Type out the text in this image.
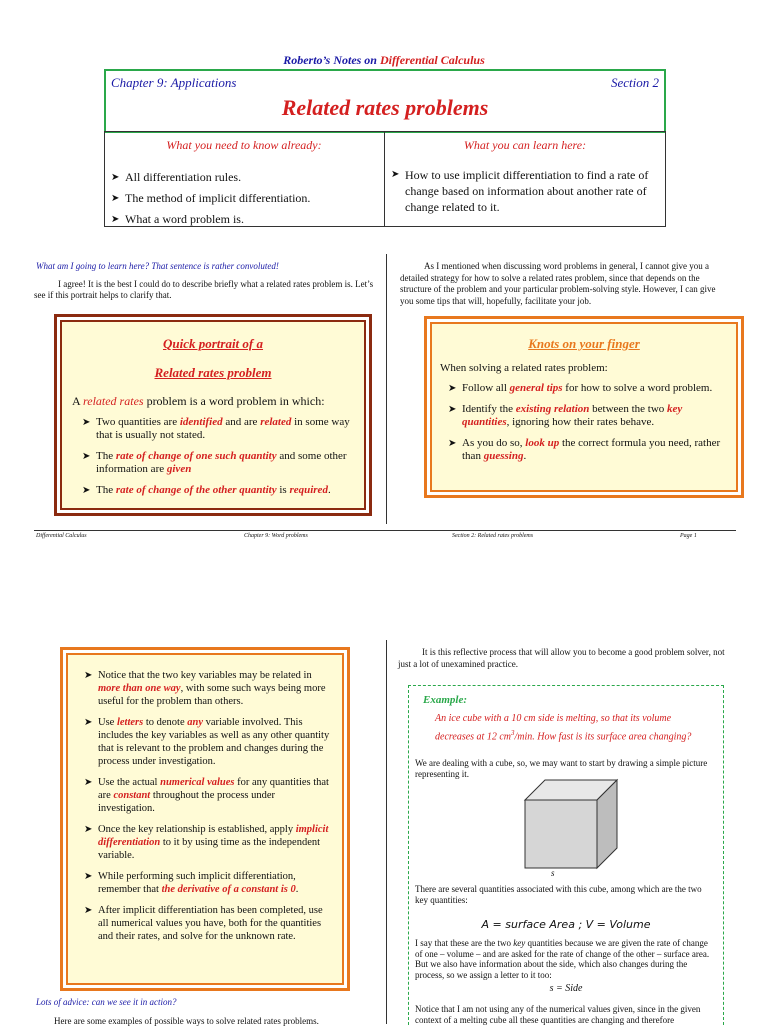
Roberto’s Notes on Differential Calculus
Chapter 9: Applications	Section 2
Related rates problems
What you need to know already:	What you can learn here:
➤ All differentiation rules.
➤ The method of implicit differentiation.
➤ What a word problem is.
➤ How to use implicit differentiation to find a rate of change based on information about another rate of change related to it.
What am I going to learn here? That sentence is rather convoluted!
I agree! It is the best I could do to describe briefly what a related rates problem is. Let’s see if this portrait helps to clarify that.
Quick portrait of a
Related rates problem
A related rates problem is a word problem in which:
➤ Two quantities are identified and are related in some way that is usually not stated.
➤ The rate of change of one such quantity and some other information are given
➤ The rate of change of the other quantity is required.
As I mentioned when discussing word problems in general, I cannot give you a detailed strategy for how to solve a related rates problem, since that depends on the structure of the problem and your particular problem-solving style. However, I can give you some tips that will, hopefully, facilitate your job.
Knots on your finger
When solving a related rates problem:
➤ Follow all general tips for how to solve a word problem.
➤ Identify the existing relation between the two key quantities, ignoring how their rates behave.
➤ As you do so, look up the correct formula you need, rather than guessing.
Differential Calculus	Chapter 9: Word problems	Section 2: Related rates problems	Page 1
➤ Notice that the two key variables may be related in more than one way, with some such ways being more useful for the problem than others.
➤ Use letters to denote any variable involved. This includes the key variables as well as any other quantity that is relevant to the problem and changes during the process under investigation.
➤ Use the actual numerical values for any quantities that are constant throughout the process under investigation.
➤ Once the key relationship is established, apply implicit differentiation to it by using time as the independent variable.
➤ While performing such implicit differentiation, remember that the derivative of a constant is 0.
➤ After implicit differentiation has been completed, use all numerical values you have, both for the quantities and their rates, and solve for the unknown rate.
Lots of advice: can we see it in action?
Here are some examples of possible ways to solve related rates problems.
It is this reflective process that will allow you to become a good problem solver, not just a lot of unexamined practice.
Example:
An ice cube with a 10 cm side is melting, so that its volume decreases at 12 $cm^3/\min$. How fast is its surface area changing?
We are dealing with a cube, so, we may want to start by drawing a simple picture representing it.
s
There are several quantities associated with this cube, among which are the two key quantities:
A = surface Area ; V = Volume
I say that these are the two key quantities because we are given the rate of change of one – volume – and are asked for the rate of change of the other – surface area. But we also have information about the side, which also changes during the process, so we assign a letter to it too:
s = Side
Notice that I am not using any of the numerical values given, since in the given context of a melting cube all these quantities are changing and therefore
